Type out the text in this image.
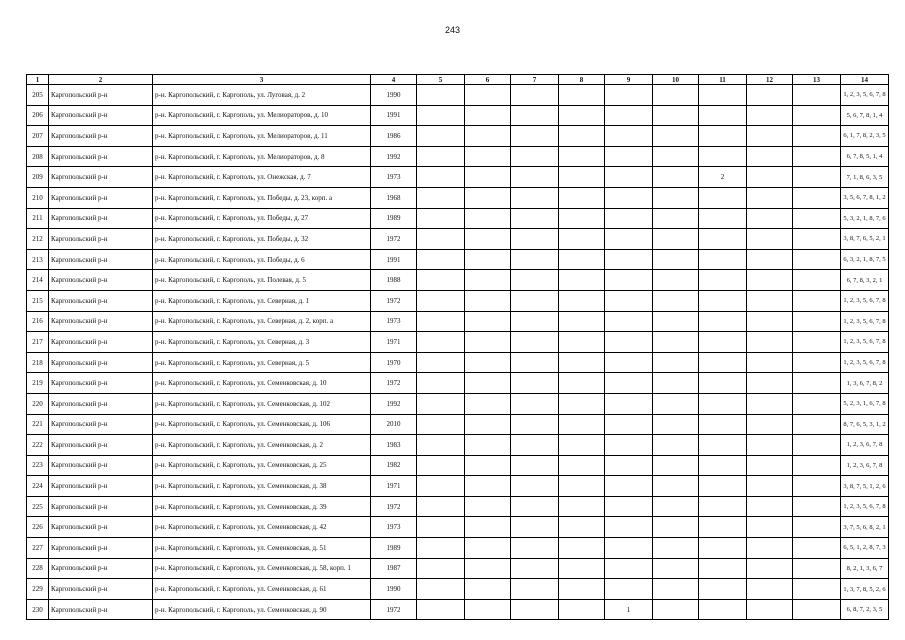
243
1	2	3	4	5	6	7	8	9	10	11	12	13	14
205	Каргопольский р-н	р-н. Каргопольский, г. Каргополь, ул. Луговая, д. 2	1990										1, 2, 3, 5, 6, 7, 8
206	Каргопольский р-н	р-н. Каргопольский, г. Каргополь, ул. Мелиораторов, д. 10	1991										5, 6, 7, 8, 1, 4
207	Каргопольский р-н	р-н. Каргопольский, г. Каргополь, ул. Мелиораторов, д. 11	1986										6, 1, 7, 8, 2, 3, 5
208	Каргопольский р-н	р-н. Каргопольский, г. Каргополь, ул. Мелиораторов, д. 8	1992										6, 7, 8, 5, 1, 4
209	Каргопольский р-н	р-н. Каргопольский, г. Каргополь, ул. Онежская, д. 7	1973							2			7, 1, 8, 6, 3, 5
210	Каргопольский р-н	р-н. Каргопольский, г. Каргополь, ул. Победы, д. 23, корп. а	1968										3, 5, 6, 7, 8, 1, 2
211	Каргопольский р-н	р-н. Каргопольский, г. Каргополь, ул. Победы, д. 27	1989										5, 3, 2, 1, 8, 7, 6
212	Каргопольский р-н	р-н. Каргопольский, г. Каргополь, ул. Победы, д. 32	1972										3, 8, 7, 6, 5, 2, 1
213	Каргопольский р-н	р-н. Каргопольский, г. Каргополь, ул. Победы, д. 6	1991										6, 3, 2, 1, 8, 7, 5
214	Каргопольский р-н	р-н. Каргопольский, г. Каргополь, ул. Полевая, д. 5	1988										6, 7, 8, 3, 2, 1
215	Каргопольский р-н	р-н. Каргопольский, г. Каргополь, ул. Северная, д. 1	1972										1, 2, 3, 5, 6, 7, 8
216	Каргопольский р-н	р-н. Каргопольский, г. Каргополь, ул. Северная, д. 2, корп. а	1973										1, 2, 3, 5, 6, 7, 8
217	Каргопольский р-н	р-н. Каргопольский, г. Каргополь, ул. Северная, д. 3	1971										1, 2, 3, 5, 6, 7, 8
218	Каргопольский р-н	р-н. Каргопольский, г. Каргополь, ул. Северная, д. 5	1970										1, 2, 3, 5, 6, 7, 8
219	Каргопольский р-н	р-н. Каргопольский, г. Каргополь, ул. Семенковская, д. 10	1972										1, 3, 6, 7, 8, 2
220	Каргопольский р-н	р-н. Каргопольский, г. Каргополь, ул. Семенковская, д. 102	1992										5, 2, 3, 1, 6, 7, 8
221	Каргопольский р-н	р-н. Каргопольский, г. Каргополь, ул. Семенковская, д. 106	2010										8, 7, 6, 5, 3, 1, 2
222	Каргопольский р-н	р-н. Каргопольский, г. Каргополь, ул. Семенковская, д. 2	1983										1, 2, 3, 6, 7, 8
223	Каргопольский р-н	р-н. Каргопольский, г. Каргополь, ул. Семенковская, д. 25	1982										1, 2, 3, 6, 7, 8
224	Каргопольский р-н	р-н. Каргопольский, г. Каргополь, ул. Семенковская, д. 38	1971										3, 8, 7, 5, 1, 2, 6
225	Каргопольский р-н	р-н. Каргопольский, г. Каргополь, ул. Семенковская, д. 39	1972										1, 2, 3, 5, 6, 7, 8
226	Каргопольский р-н	р-н. Каргопольский, г. Каргополь, ул. Семенковская, д. 42	1973										3, 7, 5, 6, 8, 2, 1
227	Каргопольский р-н	р-н. Каргопольский, г. Каргополь, ул. Семенковская, д. 51	1989										6, 5, 1, 2, 8, 7, 3
228	Каргопольский р-н	р-н. Каргопольский, г. Каргополь, ул. Семенковская, д. 58, корп. 1	1987										8, 2, 1, 3, 6, 7
229	Каргопольский р-н	р-н. Каргопольский, г. Каргополь, ул. Семенковская, д. 61	1990										1, 3, 7, 8, 5, 2, 6
230	Каргопольский р-н	р-н. Каргопольский, г. Каргополь, ул. Семенковская, д. 90	1972					1					6, 8, 7, 2, 3, 5
